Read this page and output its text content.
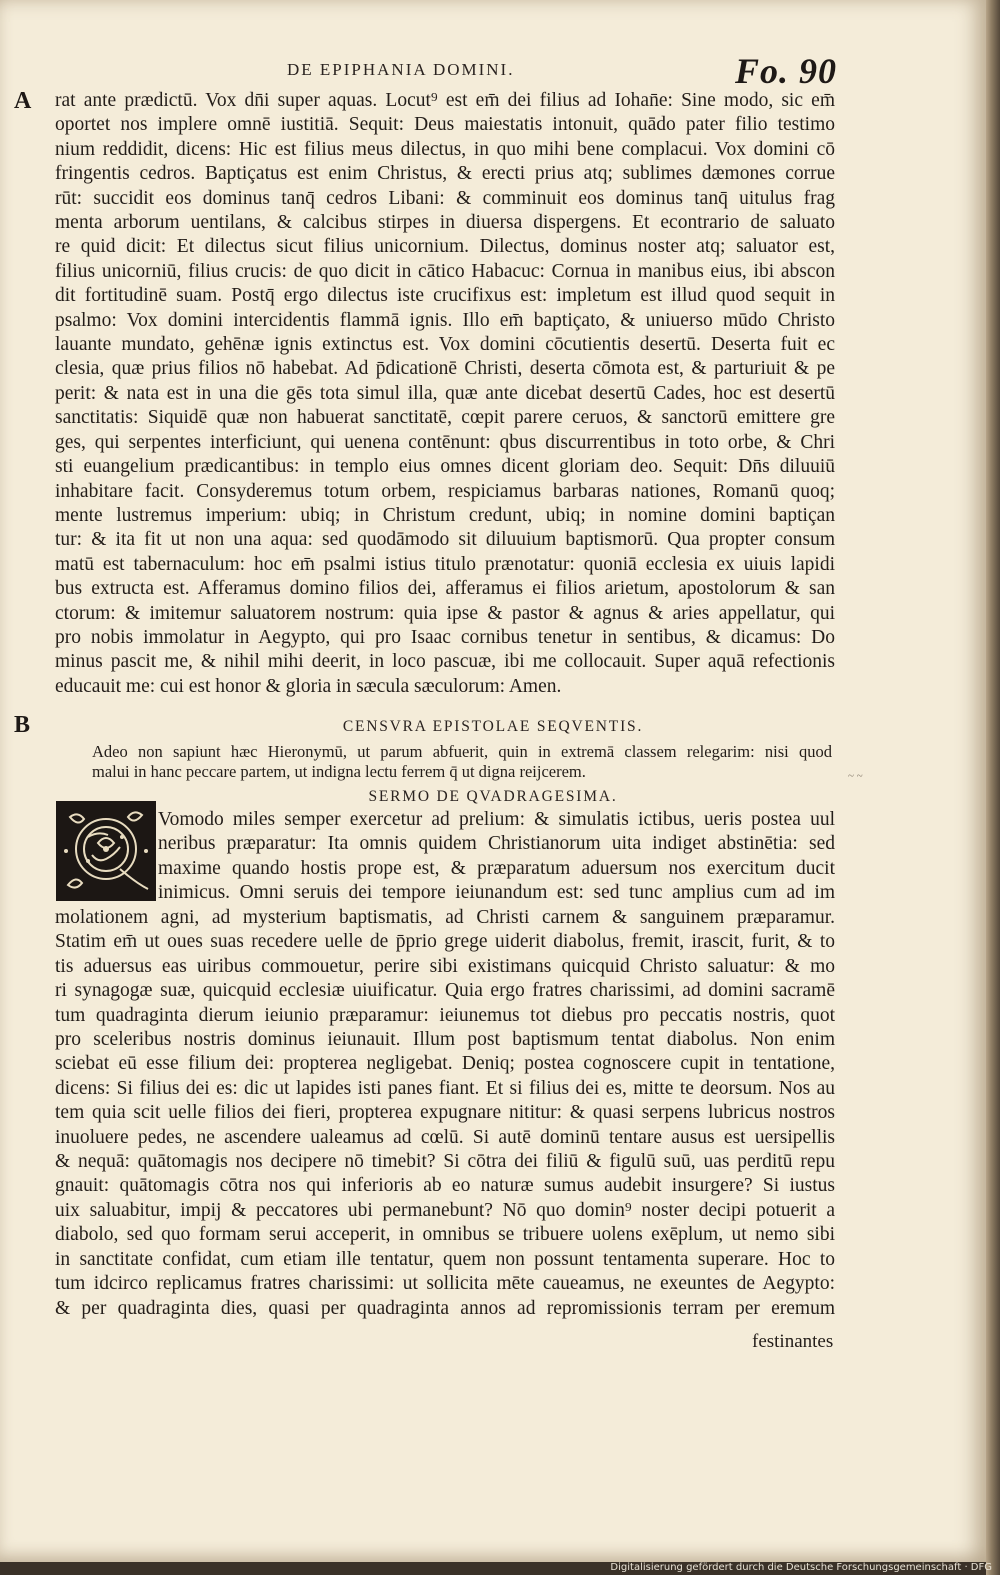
DE EPIPHANIA DOMINI.	Fo. 90
A rat ante prædictū. Vox dn̄i super aquas. Locut⁹ est em̄ dei filius ad Iohan̄e: Sine modo, sic em̄
oportet nos implere omnē iustitiā. Sequit: Deus maiestatis intonuit, quādo pater filio testimo
nium reddidit, dicens: Hic est filius meus dilectus, in quo mihi bene complacui. Vox domini cō
fringentis cedros. Baptiçatus est enim Christus, & erecti prius atq; sublimes dæmones corrue
rūt: succidit eos dominus tanq̄ cedros Libani: & comminuit eos dominus tanq̄ uitulus frag
menta arborum uentilans, & calcibus stirpes in diuersa dispergens. Et econtrario de saluato
re quid dicit: Et dilectus sicut filius unicornium. Dilectus, dominus noster atq; saluator est,
filius unicorniū, filius crucis: de quo dicit in cātico Habacuc: Cornua in manibus eius, ibi abscon
dit fortitudinē suam. Postq̄ ergo dilectus iste crucifixus est: impletum est illud quod sequit in
psalmo: Vox domini intercidentis flammā ignis. Illo em̄ baptiçato, & uniuerso mūdo Christo
lauante mundato, gehēnæ ignis extinctus est. Vox domini cōcutientis desertū. Deserta fuit ec
clesia, quæ prius filios nō habebat. Ad p̄dicationē Christi, deserta cōmota est, & parturiuit & pe
perit: & nata est in una die gēs tota simul illa, quæ ante dicebat desertū Cades, hoc est desertū
sanctitatis: Siquidē quæ non habuerat sanctitatē, cœpit parere ceruos, & sanctorū emittere gre
ges, qui serpentes interficiunt, qui uenena contēnunt: qbus discurrentibus in toto orbe, & Chri
sti euangelium prædicantibus: in templo eius omnes dicent gloriam deo. Sequit: Dn̄s diluuiū
inhabitare facit. Consyderemus totum orbem, respiciamus barbaras nationes, Romanū quoq;
mente lustremus imperium: ubiq; in Christum credunt, ubiq; in nomine domini baptiçan
tur: & ita fit ut non una aqua: sed quodāmodo sit diluuium baptismorū. Qua propter consum
matū est tabernaculum: hoc em̄ psalmi istius titulo prænotatur: quoniā ecclesia ex uiuis lapidi
bus extructa est. Afferamus domino filios dei, afferamus ei filios arietum, apostolorum & san
ctorum: & imitemur saluatorem nostrum: quia ipse & pastor & agnus & aries appellatur, qui
pro nobis immolatur in Aegypto, qui pro Isaac cornibus tenetur in sentibus, & dicamus: Do
minus pascit me, & nihil mihi deerit, in loco pascuæ, ibi me collocauit. Super aquā refectionis
educauit me: cui est honor & gloria in sæcula sæculorum: Amen.
B	CENSVRA EPISTOLAE SEQVENTIS.
Adeo non sapiunt hæc Hieronymū, ut parum abfuerit, quin in extremā classem relegarim: nisi quod
malui in hanc peccare partem, ut indigna lectu ferrem q̄ ut digna reijcerem.
SERMO DE QVADRAGESIMA.
Vomodo miles semper exercetur ad prelium: & simulatis ictibus, ueris postea uul
neribus præparatur: Ita omnis quidem Christianorum uita indiget abstinētia: sed
maxime quando hostis prope est, & præparatum aduersum nos exercitum ducit
inimicus. Omni seruis dei tempore ieiunandum est: sed tunc amplius cum ad im
molationem agni, ad mysterium baptismatis, ad Christi carnem & sanguinem præparamur.
Statim em̄ ut oues suas recedere uelle de p̄prio grege uiderit diabolus, fremit, irascit, furit, & to
tis aduersus eas uiribus commouetur, perire sibi existimans quicquid Christo saluatur: & mo
ri synagogæ suæ, quicquid ecclesiæ uiuificatur. Quia ergo fratres charissimi, ad domini sacramē
tum quadraginta dierum ieiunio præparamur: ieiunemus tot diebus pro peccatis nostris, quot
pro sceleribus nostris dominus ieiunauit. Illum post baptismum tentat diabolus. Non enim
sciebat eū esse filium dei: propterea negligebat. Deniq; postea cognoscere cupit in tentatione,
dicens: Si filius dei es: dic ut lapides isti panes fiant. Et si filius dei es, mitte te deorsum. Nos au
tem quia scit uelle filios dei fieri, propterea expugnare nititur: & quasi serpens lubricus nostros
inuoluere pedes, ne ascendere ualeamus ad cœlū. Si autē dominū tentare ausus est uersipellis
& nequā: quātomagis nos decipere nō timebit? Si cōtra dei filiū & figulū suū, uas perditū repu
gnauit: quātomagis cōtra nos qui inferioris ab eo naturæ sumus audebit insurgere? Si iustus
uix saluabitur, impij & peccatores ubi permanebunt? Nō quo domin⁹ noster decipi potuerit a
diabolo, sed quo formam serui acceperit, in omnibus se tribuere uolens exēplum, ut nemo sibi
in sanctitate confidat, cum etiam ille tentatur, quem non possunt tentamenta superare. Hoc to
tum idcirco replicamus fratres charissimi: ut sollicita mēte caueamus, ne exeuntes de Aegypto:
& per quadraginta dies, quasi per quadraginta annos ad repromissionis terram per eremum
festinantes
~ ~
Digitalisierung gefördert durch die Deutsche Forschungsgemeinschaft · DFG
